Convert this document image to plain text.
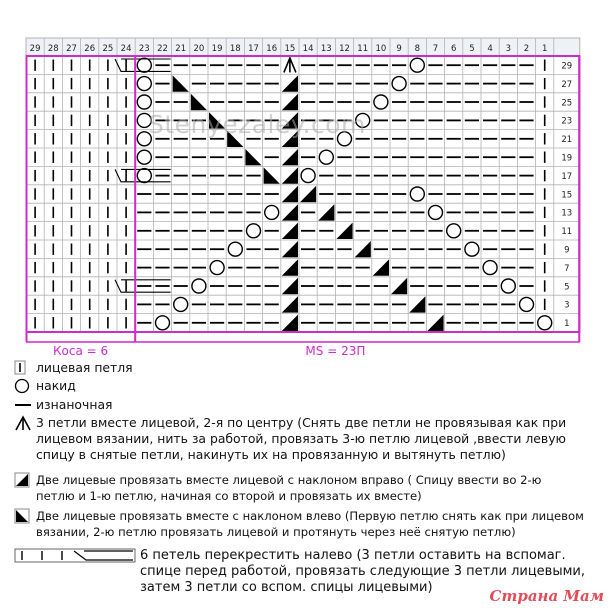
29 28 27 26 25 24 23 22 21 20 19 18 17 16 15 14 13 12 11 10 9 8 7 6 5 4 3 2 1
29
27
25
23
21
19
17
15
13
11
9
7
5
3
1
Коса = 6	MS = 23П
Stenyezaley.com
лицевая петля
накид
изнаночная
3 петли вместе лицевой, 2-я по центру (Снять две петли не провязывая как при лицевом вязании, нить за работой, провязать 3-ю петлю лицевой ,ввести левую спицу в снятые петли, накинуть их на провязанную и вытянуть петлю)
Две лицевые провязать вместе лицевой с наклоном вправо ( Спицу ввести во 2-ю петлю и 1-ю петлю, начиная со второй и провязать их вместе)
Две лицевые провязать вместе с наклоном влево (Первую петлю снять как при лицевом вязании, 2-ю петлю провязать лицевой и протянуть через неё снятую петлю)
6 петель перекрестить налево (3 петли оставить на вспомаг. спице перед работой, провязать следующие 3 петли лицевыми, затем 3 петли со вспом. спицы лицевыми)	Страна Мам
